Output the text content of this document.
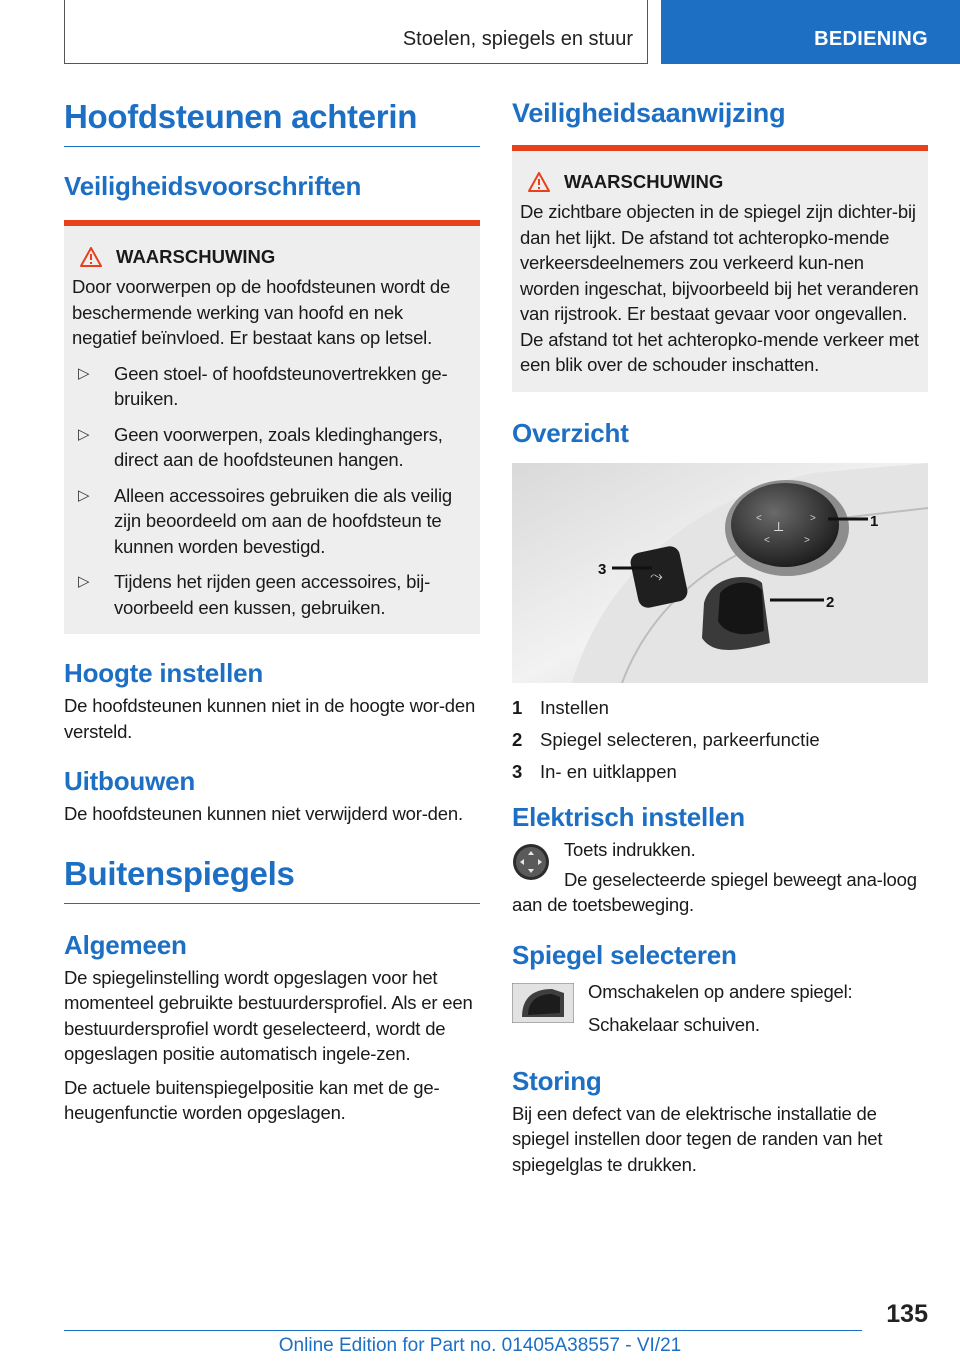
Stoelen, spiegels en stuur	BEDIENING
Hoofdsteunen achterin
Veiligheidsvoorschriften
WAARSCHUWING

Door voorwerpen op de hoofdsteunen wordt de beschermende werking van hoofd en nek negatief beïnvloed. Er bestaat kans op letsel.

▷	Geen stoel- of hoofdsteunovertrekken ge-bruiken.

▷	Geen voorwerpen, zoals kledinghangers, direct aan de hoofdsteunen hangen.

▷	Alleen accessoires gebruiken die als veilig zijn beoordeeld om aan de hoofdsteun te kunnen worden bevestigd.

▷	Tijdens het rijden geen accessoires, bij-voorbeeld een kussen, gebruiken.

Hoogte instellen

De hoofdsteunen kunnen niet in de hoogte wor-den versteld.

Uitbouwen

De hoofdsteunen kunnen niet verwijderd wor-den.

Buitenspiegels
Algemeen

De spiegelinstelling wordt opgeslagen voor het momenteel gebruikte bestuurdersprofiel. Als er een bestuurdersprofiel wordt geselecteerd, wordt de opgeslagen positie automatisch ingele-zen.

De actuele buitenspiegelpositie kan met de ge-heugenfunctie worden opgeslagen.

Veiligheidsaanwijzing
WAARSCHUWING

De zichtbare objecten in de spiegel zijn dichter-bij dan het lijkt. De afstand tot achteropko-mende verkeersdeelnemers zou verkeerd kun-nen worden ingeschat, bijvoorbeeld bij het veranderen van rijstrook. Er bestaat gevaar voor ongevallen. De afstand tot het achteropko-mende verkeer met een blik over de schouder inschatten.

Overzicht
⟂
<	>
<	>
⤳
1
2
3
1 Instellen
2 Spiegel selecteren, parkeerfunctie
3 In- en uitklappen
Elektrisch instellen

Toets indrukken.

De geselecteerde spiegel beweegt ana-loog aan de toetsbeweging.

Spiegel selecteren

Omschakelen op andere spiegel:

Schakelaar schuiven.

Storing

Bij een defect van de elektrische installatie de spiegel instellen door tegen de randen van het spiegelglas te drukken.

135
Online Edition for Part no. 01405A38557 - VI/21
